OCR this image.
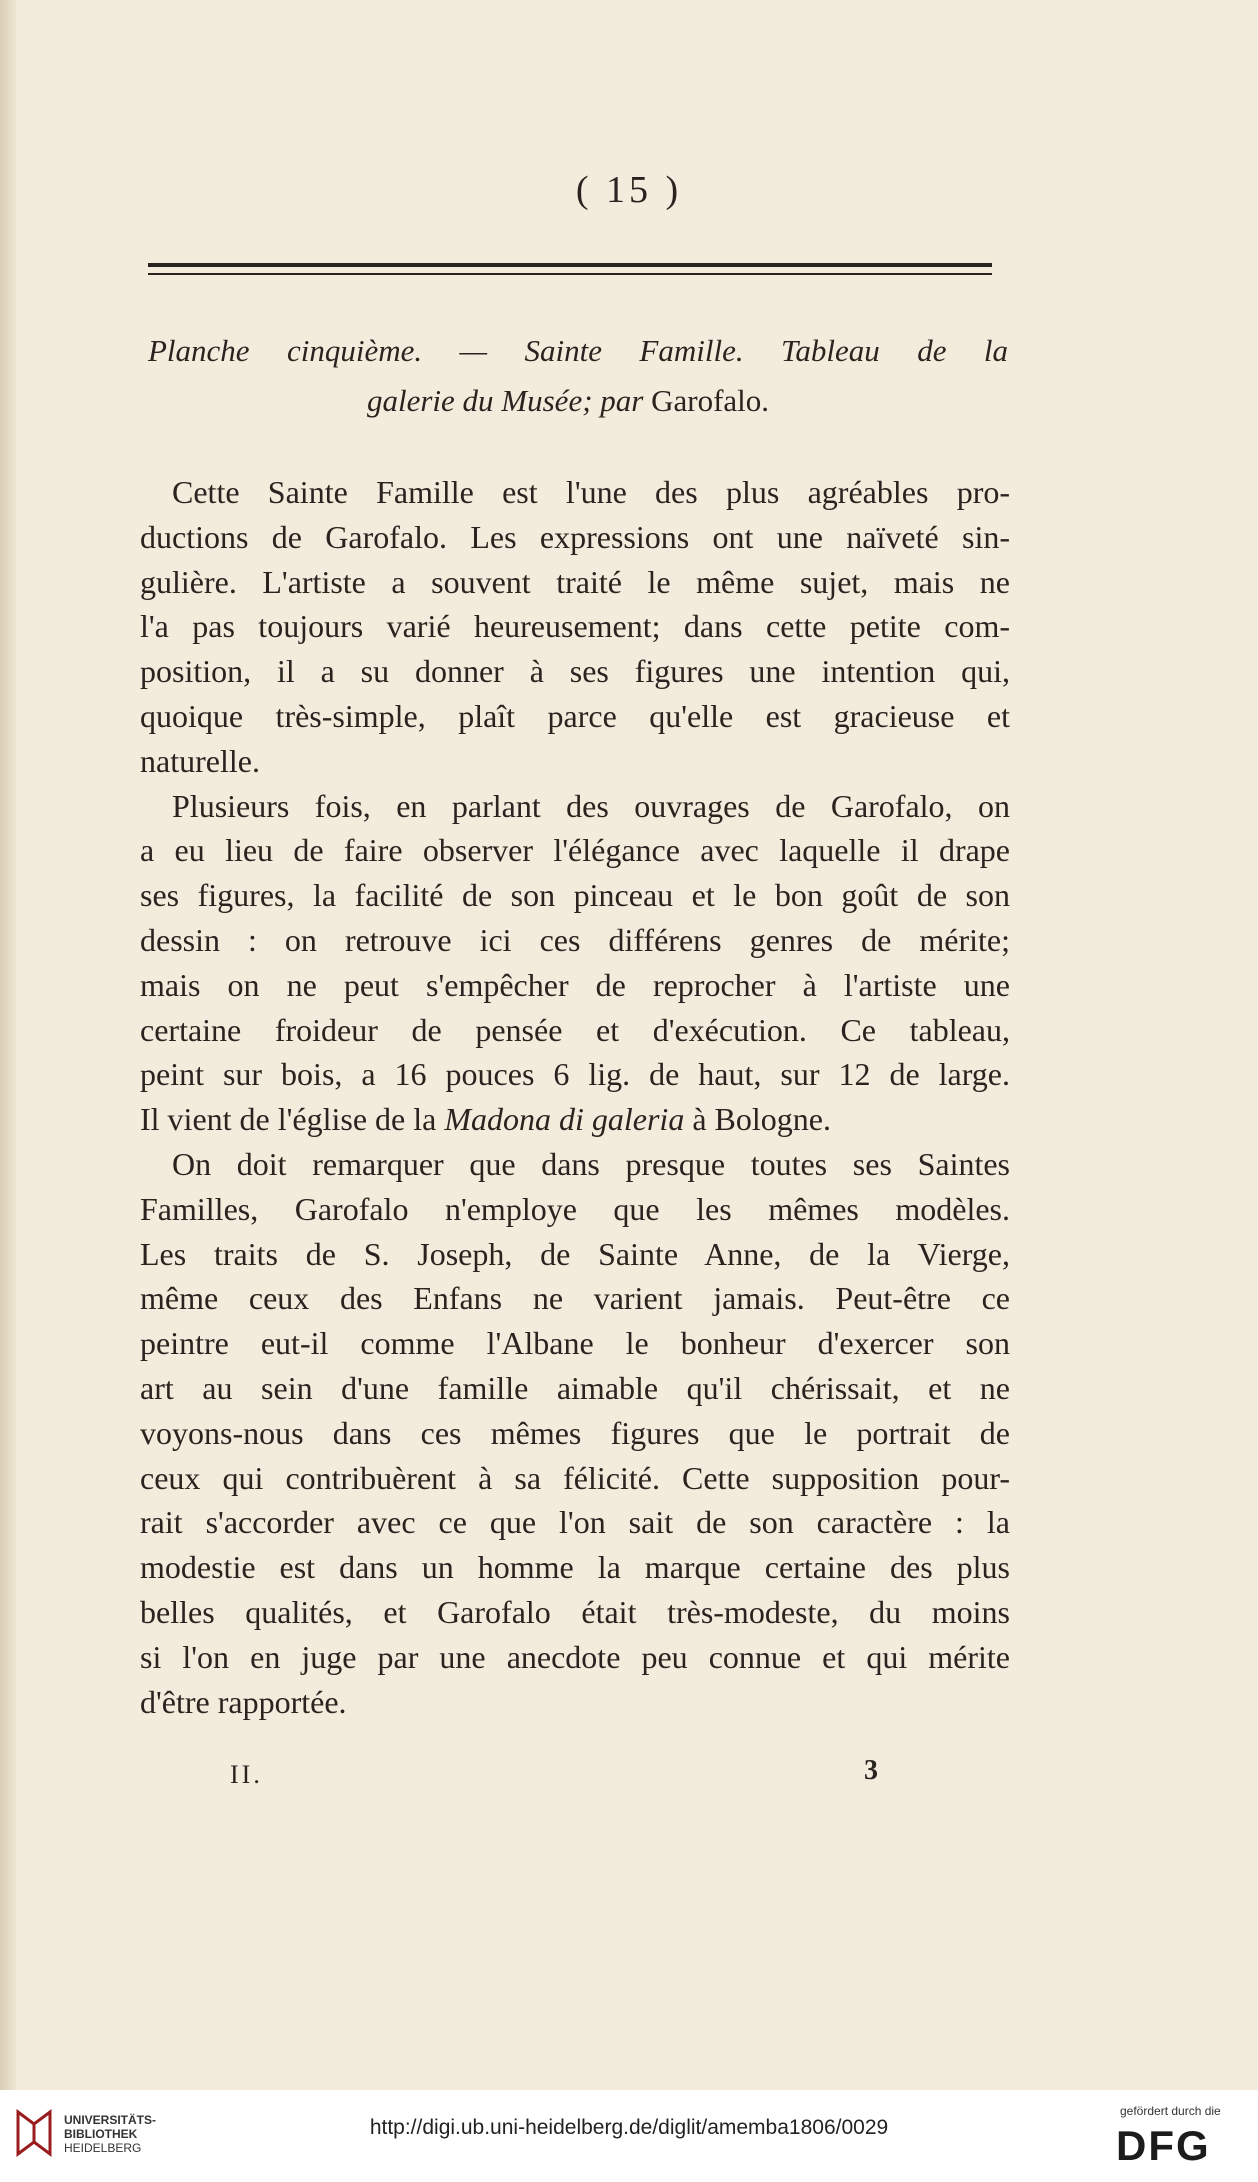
( 15 )
Planche cinquième. — Sainte Famille. Tableau de la
galerie du Musée; par Garofalo.
Cette Sainte Famille est l'une des plus agréables pro-
ductions de Garofalo. Les expressions ont une naïveté sin-
gulière. L'artiste a souvent traité le même sujet, mais ne
l'a pas toujours varié heureusement; dans cette petite com-
position, il a su donner à ses figures une intention qui,
quoique très-simple, plaît parce qu'elle est gracieuse et
naturelle.
Plusieurs fois, en parlant des ouvrages de Garofalo, on
a eu lieu de faire observer l'élégance avec laquelle il drape
ses figures, la facilité de son pinceau et le bon goût de son
dessin : on retrouve ici ces différens genres de mérite;
mais on ne peut s'empêcher de reprocher à l'artiste une
certaine froideur de pensée et d'exécution. Ce tableau,
peint sur bois, a 16 pouces 6 lig. de haut, sur 12 de large.
Il vient de l'église de la Madona di galeria à Bologne.
On doit remarquer que dans presque toutes ses Saintes
Familles, Garofalo n'employe que les mêmes modèles.
Les traits de S. Joseph, de Sainte Anne, de la Vierge,
même ceux des Enfans ne varient jamais. Peut-être ce
peintre eut-il comme l'Albane le bonheur d'exercer son
art au sein d'une famille aimable qu'il chérissait, et ne
voyons-nous dans ces mêmes figures que le portrait de
ceux qui contribuèrent à sa félicité. Cette supposition pour-
rait s'accorder avec ce que l'on sait de son caractère : la
modestie est dans un homme la marque certaine des plus
belles qualités, et Garofalo était très-modeste, du moins
si l'on en juge par une anecdote peu connue et qui mérite
d'être rapportée.
II.	3
UNIVERSITÄTS-
BIBLIOTHEK
HEIDELBERG
http://digi.ub.uni-heidelberg.de/diglit/amemba1806/0029
gefördert durch die
DFG
